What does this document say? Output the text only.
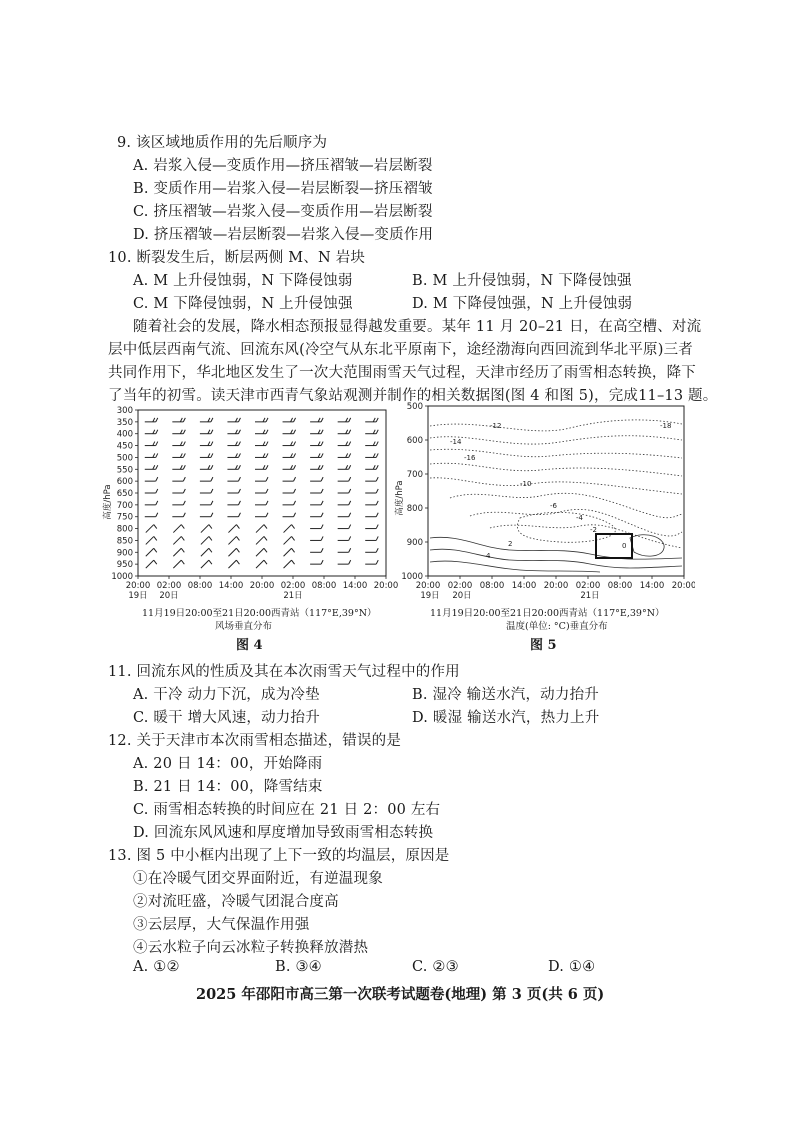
9. 该区域地质作用的先后顺序为
A. 岩浆入侵—变质作用—挤压褶皱—岩层断裂
B. 变质作用—岩浆入侵—岩层断裂—挤压褶皱
C. 挤压褶皱—岩浆入侵—变质作用—岩层断裂
D. 挤压褶皱—岩层断裂—岩浆入侵—变质作用
10. 断裂发生后，断层两侧 M、N 岩块
A. M 上升侵蚀弱，N 下降侵蚀弱	B. M 上升侵蚀弱，N 下降侵蚀强
C. M 下降侵蚀弱，N 上升侵蚀强	D. M 下降侵蚀强，N 上升侵蚀弱
随着社会的发展，降水相态预报显得越发重要。某年 11 月 20–21 日，在高空槽、对流
层中低层西南气流、回流东风(冷空气从东北平原南下，途经渤海向西回流到华北平原)三者
共同作用下，华北地区发生了一次大范围雨雪天气过程，天津市经历了雨雪相态转换，降下
了当年的初雪。读天津市西青气象站观测并制作的相关数据图(图 4 和图 5)，完成11–13 题。
高度/hPa
300
350
400
450
500
550
600
650
700
750
800
850
900
950
1000
20:00 02:00 08:00 14:00 20:00 02:00 08:00 14:00 20:00
19日 20日	21日
11月19日20:00至21日20:00西青站（117°E,39°N）
风场垂直分布
图 4
高度/hPa
500
600
700
800
900
1000
20:00 02:00 08:00 14:00 20:00 02:00 08:00 14:00 20:00
-12
-14
-16
-18
-10
-6
-4
-2
2
4
0
19日 20日	21日
11月19日20:00至21日20:00西青站（117°E,39°N）
温度(单位: °C)垂直分布
图 5
11. 回流东风的性质及其在本次雨雪天气过程中的作用
A. 干冷 动力下沉，成为冷垫	B. 湿冷 输送水汽，动力抬升
C. 暖干 增大风速，动力抬升	D. 暖湿 输送水汽，热力上升
12. 关于天津市本次雨雪相态描述，错误的是
A. 20 日 14：00，开始降雨
B. 21 日 14：00，降雪结束
C. 雨雪相态转换的时间应在 21 日 2：00 左右
D. 回流东风风速和厚度增加导致雨雪相态转换
13. 图 5 中小框内出现了上下一致的均温层，原因是
①在冷暖气团交界面附近，有逆温现象
②对流旺盛，冷暖气团混合度高
③云层厚，大气保温作用强
④云水粒子向云冰粒子转换释放潜热
A. ①②	B. ③④	C. ②③	D. ①④
2025 年邵阳市高三第一次联考试题卷(地理) 第 3 页(共 6 页)
